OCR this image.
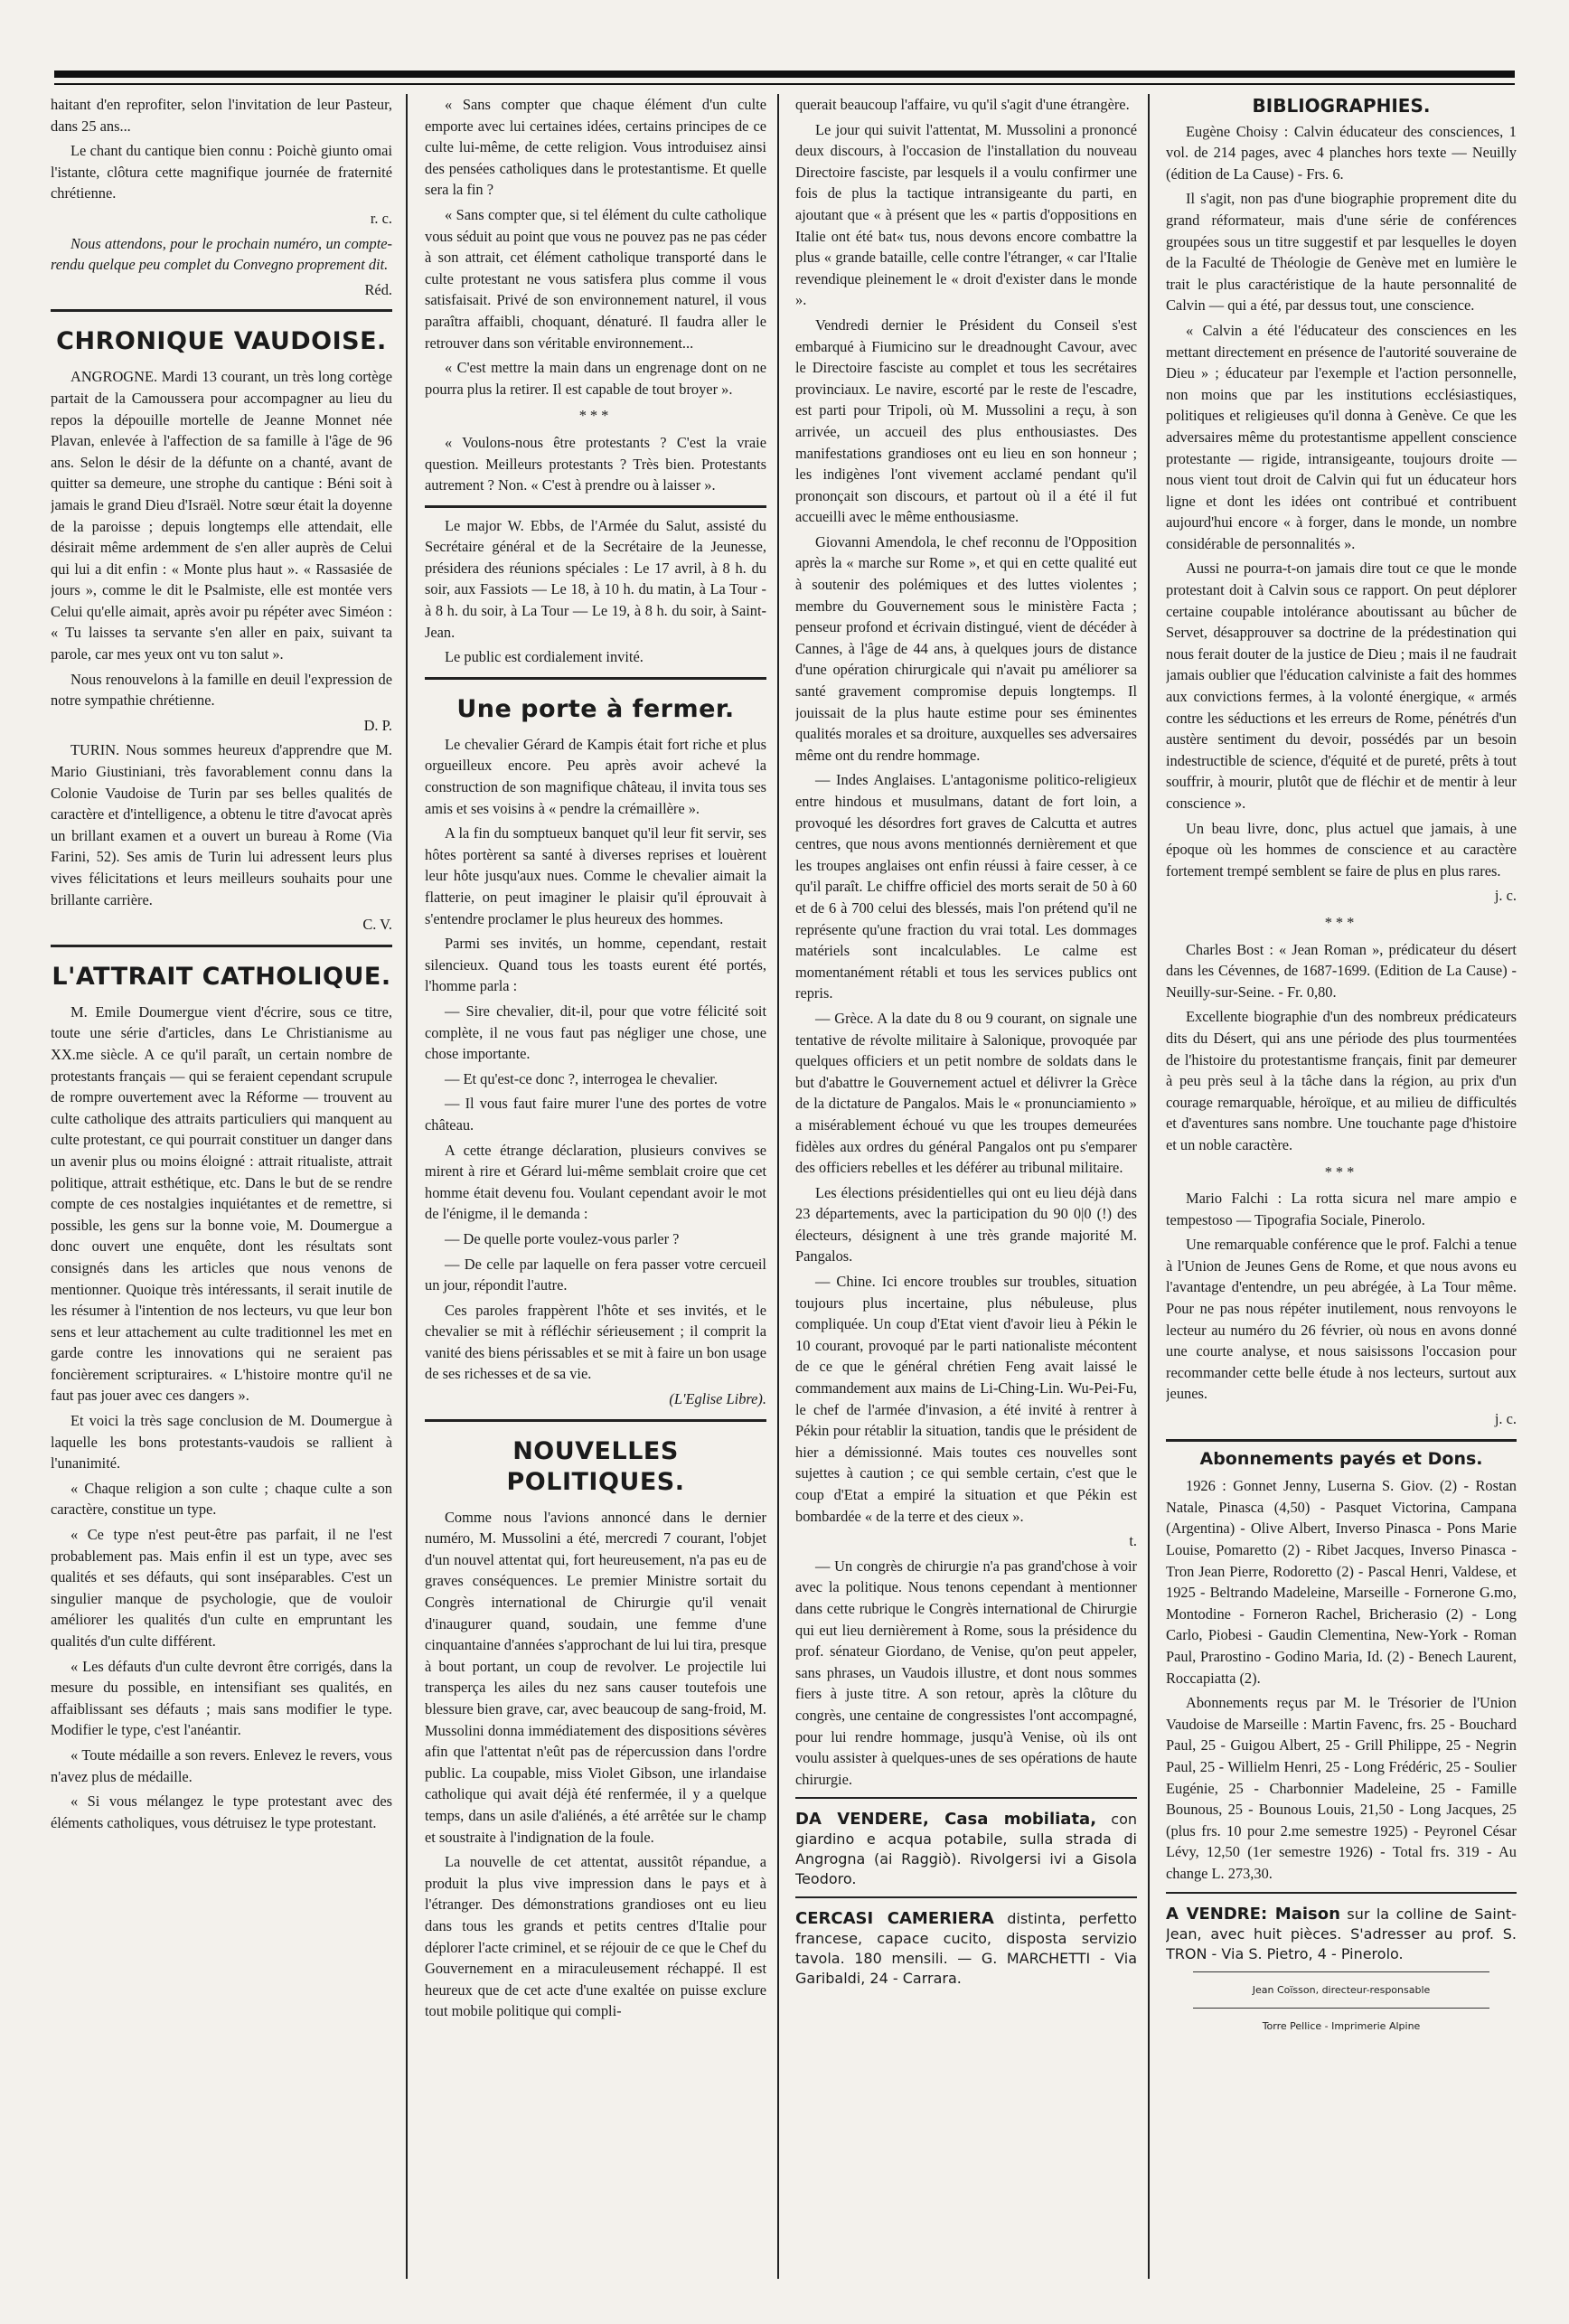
haitant d'en reprofiter, selon l'invitation de leur Pasteur, dans 25 ans...

Le chant du cantique bien connu : Poichè giunto omai l'istante, clôtura cette magnifique journée de fraternité chrétienne.

r. c.

Nous attendons, pour le prochain numéro, un compte-rendu quelque peu complet du Convegno proprement dit.

Réd.

CHRONIQUE VAUDOISE.

ANGROGNE. Mardi 13 courant, un très long cortège partait de la Camoussera pour accompagner au lieu du repos la dépouille mortelle de Jeanne Monnet née Plavan, enlevée à l'affection de sa famille à l'âge de 96 ans. Selon le désir de la défunte on a chanté, avant de quitter sa demeure, une strophe du cantique : Béni soit à jamais le grand Dieu d'Israël. Notre sœur était la doyenne de la paroisse ; depuis longtemps elle attendait, elle désirait même ardemment de s'en aller auprès de Celui qui lui a dit enfin : « Monte plus haut ». « Rassasiée de jours », comme le dit le Psalmiste, elle est montée vers Celui qu'elle aimait, après avoir pu répéter avec Siméon : « Tu laisses ta servante s'en aller en paix, suivant ta parole, car mes yeux ont vu ton salut ».

Nous renouvelons à la famille en deuil l'expression de notre sympathie chrétienne.

D. P.

TURIN. Nous sommes heureux d'apprendre que M. Mario Giustiniani, très favorablement connu dans la Colonie Vaudoise de Turin par ses belles qualités de caractère et d'intelligence, a obtenu le titre d'avocat après un brillant examen et a ouvert un bureau à Rome (Via Farini, 52). Ses amis de Turin lui adressent leurs plus vives félicitations et leurs meilleurs souhaits pour une brillante carrière.

C. V.

L'ATTRAIT CATHOLIQUE.

M. Emile Doumergue vient d'écrire, sous ce titre, toute une série d'articles, dans Le Christianisme au XX.me siècle. A ce qu'il paraît, un certain nombre de protestants français — qui se feraient cependant scrupule de rompre ouvertement avec la Réforme — trouvent au culte catholique des attraits particuliers qui manquent au culte protestant, ce qui pourrait constituer un danger dans un avenir plus ou moins éloigné : attrait ritualiste, attrait politique, attrait esthétique, etc. Dans le but de se rendre compte de ces nostalgies inquiétantes et de remettre, si possible, les gens sur la bonne voie, M. Doumergue a donc ouvert une enquête, dont les résultats sont consignés dans les articles que nous venons de mentionner. Quoique très intéressants, il serait inutile de les résumer à l'intention de nos lecteurs, vu que leur bon sens et leur attachement au culte traditionnel les met en garde contre les innovations qui ne seraient pas foncièrement scripturaires. « L'histoire montre qu'il ne faut pas jouer avec ces dangers ».

Et voici la très sage conclusion de M. Doumergue à laquelle les bons protestants-vaudois se rallient à l'unanimité.

« Chaque religion a son culte ; chaque culte a son caractère, constitue un type.

« Ce type n'est peut-être pas parfait, il ne l'est probablement pas. Mais enfin il est un type, avec ses qualités et ses défauts, qui sont inséparables. C'est un singulier manque de psychologie, que de vouloir améliorer les qualités d'un culte en empruntant les qualités d'un culte différent.

« Les défauts d'un culte devront être corrigés, dans la mesure du possible, en intensifiant ses qualités, en affaiblissant ses défauts ; mais sans modifier le type. Modifier le type, c'est l'anéantir.

« Toute médaille a son revers. Enlevez le revers, vous n'avez plus de médaille.

« Si vous mélangez le type protestant avec des éléments catholiques, vous détruisez le type protestant.

« Sans compter que chaque élément d'un culte emporte avec lui certaines idées, certains principes de ce culte lui-même, de cette religion. Vous introduisez ainsi des pensées catholiques dans le protestantisme. Et quelle sera la fin ?

« Sans compter que, si tel élément du culte catholique vous séduit au point que vous ne pouvez pas ne pas céder à son attrait, cet élément catholique transporté dans le culte protestant ne vous satisfera plus comme il vous satisfaisait. Privé de son environnement naturel, il vous paraîtra affaibli, choquant, dénaturé. Il faudra aller le retrouver dans son véritable environnement...

« C'est mettre la main dans un engrenage dont on ne pourra plus la retirer. Il est capable de tout broyer ».

***

« Voulons-nous être protestants ? C'est la vraie question. Meilleurs protestants ? Très bien. Protestants autrement ? Non. « C'est à prendre ou à laisser ».

Le major W. Ebbs, de l'Armée du Salut, assisté du Secrétaire général et de la Secrétaire de la Jeunesse, présidera des réunions spéciales : Le 17 avril, à 8 h. du soir, aux Fassiots — Le 18, à 10 h. du matin, à La Tour - à 8 h. du soir, à La Tour — Le 19, à 8 h. du soir, à Saint-Jean.

Le public est cordialement invité.

Une porte à fermer.

Le chevalier Gérard de Kampis était fort riche et plus orgueilleux encore. Peu après avoir achevé la construction de son magnifique château, il invita tous ses amis et ses voisins à « pendre la crémaillère ».

A la fin du somptueux banquet qu'il leur fit servir, ses hôtes portèrent sa santé à diverses reprises et louèrent leur hôte jusqu'aux nues. Comme le chevalier aimait la flatterie, on peut imaginer le plaisir qu'il éprouvait à s'entendre proclamer le plus heureux des hommes.

Parmi ses invités, un homme, cependant, restait silencieux. Quand tous les toasts eurent été portés, l'homme parla :

— Sire chevalier, dit-il, pour que votre félicité soit complète, il ne vous faut pas négliger une chose, une chose importante.

— Et qu'est-ce donc ?, interrogea le chevalier.

— Il vous faut faire murer l'une des portes de votre château.

A cette étrange déclaration, plusieurs convives se mirent à rire et Gérard lui-même semblait croire que cet homme était devenu fou. Voulant cependant avoir le mot de l'énigme, il le demanda :

— De quelle porte voulez-vous parler ?

— De celle par laquelle on fera passer votre cercueil un jour, répondit l'autre.

Ces paroles frappèrent l'hôte et ses invités, et le chevalier se mit à réfléchir sérieusement ; il comprit la vanité des biens périssables et se mit à faire un bon usage de ses richesses et de sa vie.

(L'Eglise Libre).

NOUVELLES POLITIQUES.

Comme nous l'avions annoncé dans le dernier numéro, M. Mussolini a été, mercredi 7 courant, l'objet d'un nouvel attentat qui, fort heureusement, n'a pas eu de graves conséquences. Le premier Ministre sortait du Congrès international de Chirurgie qu'il venait d'inaugurer quand, soudain, une femme d'une cinquantaine d'années s'approchant de lui lui tira, presque à bout portant, un coup de revolver. Le projectile lui transperça les ailes du nez sans causer toutefois une blessure bien grave, car, avec beaucoup de sang-froid, M. Mussolini donna immédiatement des dispositions sévères afin que l'attentat n'eût pas de répercussion dans l'ordre public. La coupable, miss Violet Gibson, une irlandaise catholique qui avait déjà été renfermée, il y a quelque temps, dans un asile d'aliénés, a été arrêtée sur le champ et soustraite à l'indignation de la foule.

La nouvelle de cet attentat, aussitôt répandue, a produit la plus vive impression dans le pays et à l'étranger. Des démonstrations grandioses ont eu lieu dans tous les grands et petits centres d'Italie pour déplorer l'acte criminel, et se réjouir de ce que le Chef du Gouvernement en a miraculeusement réchappé. Il est heureux que de cet acte d'une exaltée on puisse exclure tout mobile politique qui compli-

querait beaucoup l'affaire, vu qu'il s'agit d'une étrangère.

Le jour qui suivit l'attentat, M. Mussolini a prononcé deux discours, à l'occasion de l'installation du nouveau Directoire fasciste, par lesquels il a voulu confirmer une fois de plus la tactique intransigeante du parti, en ajoutant que « à présent que les « partis d'oppositions en Italie ont été bat« tus, nous devons encore combattre la plus « grande bataille, celle contre l'étranger, « car l'Italie revendique pleinement le « droit d'exister dans le monde ».

Vendredi dernier le Président du Conseil s'est embarqué à Fiumicino sur le dreadnought Cavour, avec le Directoire fasciste au complet et tous les secrétaires provinciaux. Le navire, escorté par le reste de l'escadre, est parti pour Tripoli, où M. Mussolini a reçu, à son arrivée, un accueil des plus enthousiastes. Des manifestations grandioses ont eu lieu en son honneur ; les indigènes l'ont vivement acclamé pendant qu'il prononçait son discours, et partout où il a été il fut accueilli avec le même enthousiasme.

Giovanni Amendola, le chef reconnu de l'Opposition après la « marche sur Rome », et qui en cette qualité eut à soutenir des polémiques et des luttes violentes ; membre du Gouvernement sous le ministère Facta ; penseur profond et écrivain distingué, vient de décéder à Cannes, à l'âge de 44 ans, à quelques jours de distance d'une opération chirurgicale qui n'avait pu améliorer sa santé gravement compromise depuis longtemps. Il jouissait de la plus haute estime pour ses éminentes qualités morales et sa droiture, auxquelles ses adversaires même ont du rendre hommage.

— Indes Anglaises. L'antagonisme politico-religieux entre hindous et musulmans, datant de fort loin, a provoqué les désordres fort graves de Calcutta et autres centres, que nous avons mentionnés dernièrement et que les troupes anglaises ont enfin réussi à faire cesser, à ce qu'il paraît. Le chiffre officiel des morts serait de 50 à 60 et de 6 à 700 celui des blessés, mais l'on prétend qu'il ne représente qu'une fraction du vrai total. Les dommages matériels sont incalculables. Le calme est momentanément rétabli et tous les services publics ont repris.

— Grèce. A la date du 8 ou 9 courant, on signale une tentative de révolte militaire à Salonique, provoquée par quelques officiers et un petit nombre de soldats dans le but d'abattre le Gouvernement actuel et délivrer la Grèce de la dictature de Pangalos. Mais le « pronunciamiento » a misérablement échoué vu que les troupes demeurées fidèles aux ordres du général Pangalos ont pu s'emparer des officiers rebelles et les déférer au tribunal militaire.

Les élections présidentielles qui ont eu lieu déjà dans 23 départements, avec la participation du 90 0|0 (!) des électeurs, désignent à une très grande majorité M. Pangalos.

— Chine. Ici encore troubles sur troubles, situation toujours plus incertaine, plus nébuleuse, plus compliquée. Un coup d'Etat vient d'avoir lieu à Pékin le 10 courant, provoqué par le parti nationaliste mécontent de ce que le général chrétien Feng avait laissé le commandement aux mains de Li-Ching-Lin. Wu-Pei-Fu, le chef de l'armée d'invasion, a été invité à rentrer à Pékin pour rétablir la situation, tandis que le président de hier a démissionné. Mais toutes ces nouvelles sont sujettes à caution ; ce qui semble certain, c'est que le coup d'Etat a empiré la situation et que Pékin est bombardée « de la terre et des cieux ».

t.

— Un congrès de chirurgie n'a pas grand'chose à voir avec la politique. Nous tenons cependant à mentionner dans cette rubrique le Congrès international de Chirurgie qui eut lieu dernièrement à Rome, sous la présidence du prof. sénateur Giordano, de Venise, qu'on peut appeler, sans phrases, un Vaudois illustre, et dont nous sommes fiers à juste titre. A son retour, après la clôture du congrès, une centaine de congressistes l'ont accompagné, pour lui rendre hommage, jusqu'à Venise, où ils ont voulu assister à quelques-unes de ses opérations de haute chirurgie.

DA VENDERE, Casa mobiliata, con giardino e acqua potabile, sulla strada di Angrogna (ai Raggiò). Rivolgersi ivi a Gisola Teodoro.

CERCASI CAMERIERA distinta, perfetto francese, capace cucito, disposta servizio tavola. 180 mensili. — G. MARCHETTI - Via Garibaldi, 24 - Carrara.

BIBLIOGRAPHIES.

Eugène Choisy : Calvin éducateur des consciences, 1 vol. de 214 pages, avec 4 planches hors texte — Neuilly (édition de La Cause) - Frs. 6.

Il s'agit, non pas d'une biographie proprement dite du grand réformateur, mais d'une série de conférences groupées sous un titre suggestif et par lesquelles le doyen de la Faculté de Théologie de Genève met en lumière le trait le plus caractéristique de la haute personnalité de Calvin — qui a été, par dessus tout, une conscience.

« Calvin a été l'éducateur des consciences en les mettant directement en présence de l'autorité souveraine de Dieu » ; éducateur par l'exemple et l'action personnelle, non moins que par les institutions ecclésiastiques, politiques et religieuses qu'il donna à Genève. Ce que les adversaires même du protestantisme appellent conscience protestante — rigide, intransigeante, toujours droite — nous vient tout droit de Calvin qui fut un éducateur hors ligne et dont les idées ont contribué et contribuent aujourd'hui encore « à forger, dans le monde, un nombre considérable de personnalités ».

Aussi ne pourra-t-on jamais dire tout ce que le monde protestant doit à Calvin sous ce rapport. On peut déplorer certaine coupable intolérance aboutissant au bûcher de Servet, désapprouver sa doctrine de la prédestination qui nous ferait douter de la justice de Dieu ; mais il ne faudrait jamais oublier que l'éducation calviniste a fait des hommes aux convictions fermes, à la volonté énergique, « armés contre les séductions et les erreurs de Rome, pénétrés d'un austère sentiment du devoir, possédés par un besoin indestructible de science, d'équité et de pureté, prêts à tout souffrir, à mourir, plutôt que de fléchir et de mentir à leur conscience ».

Un beau livre, donc, plus actuel que jamais, à une époque où les hommes de conscience et au caractère fortement trempé semblent se faire de plus en plus rares.

j. c.

***

Charles Bost : « Jean Roman », prédicateur du désert dans les Cévennes, de 1687-1699. (Edition de La Cause) - Neuilly-sur-Seine. - Fr. 0,80.

Excellente biographie d'un des nombreux prédicateurs dits du Désert, qui ans une période des plus tourmentées de l'histoire du protestantisme français, finit par demeurer à peu près seul à la tâche dans la région, au prix d'un courage remarquable, héroïque, et au milieu de difficultés et d'aventures sans nombre. Une touchante page d'histoire et un noble caractère.

***

Mario Falchi : La rotta sicura nel mare ampio e tempestoso — Tipografia Sociale, Pinerolo.

Une remarquable conférence que le prof. Falchi a tenue à l'Union de Jeunes Gens de Rome, et que nous avons eu l'avantage d'entendre, un peu abrégée, à La Tour même. Pour ne pas nous répéter inutilement, nous renvoyons le lecteur au numéro du 26 février, où nous en avons donné une courte analyse, et nous saisissons l'occasion pour recommander cette belle étude à nos lecteurs, surtout aux jeunes.

j. c.

Abonnements payés et Dons.

1926 : Gonnet Jenny, Luserna S. Giov. (2) - Rostan Natale, Pinasca (4,50) - Pasquet Victorina, Campana (Argentina) - Olive Albert, Inverso Pinasca - Pons Marie Louise, Pomaretto (2) - Ribet Jacques, Inverso Pinasca - Tron Jean Pierre, Rodoretto (2) - Pascal Henri, Valdese, et 1925 - Beltrando Madeleine, Marseille - Forneronе G.mo, Montodine - Forneron Rachel, Bricherasio (2) - Long Carlo, Piobesi - Gaudin Clementina, New-York - Roman Paul, Prarostino - Godino Maria, Id. (2) - Benech Laurent, Roccapiatta (2).

Abonnements reçus par M. le Trésorier de l'Union Vaudoise de Marseille : Martin Favenc, frs. 25 - Bouchard Paul, 25 - Guigou Albert, 25 - Grill Philippe, 25 - Negrin Paul, 25 - Willielm Henri, 25 - Long Frédéric, 25 - Soulier Eugénie, 25 - Charbonnier Madeleine, 25 - Famille Bounous, 25 - Bounous Louis, 21,50 - Long Jacques, 25 (plus frs. 10 pour 2.me semestre 1925) - Peyronel César Lévy, 12,50 (1er semestre 1926) - Total frs. 319 - Au change L. 273,30.

A VENDRE: Maison sur la colline de Saint-Jean, avec huit pièces. S'adresser au prof. S. TRON - Via S. Pietro, 4 - Pinerolo.

Jean Coïsson, directeur-responsable

Torre Pellice - Imprimerie Alpine
